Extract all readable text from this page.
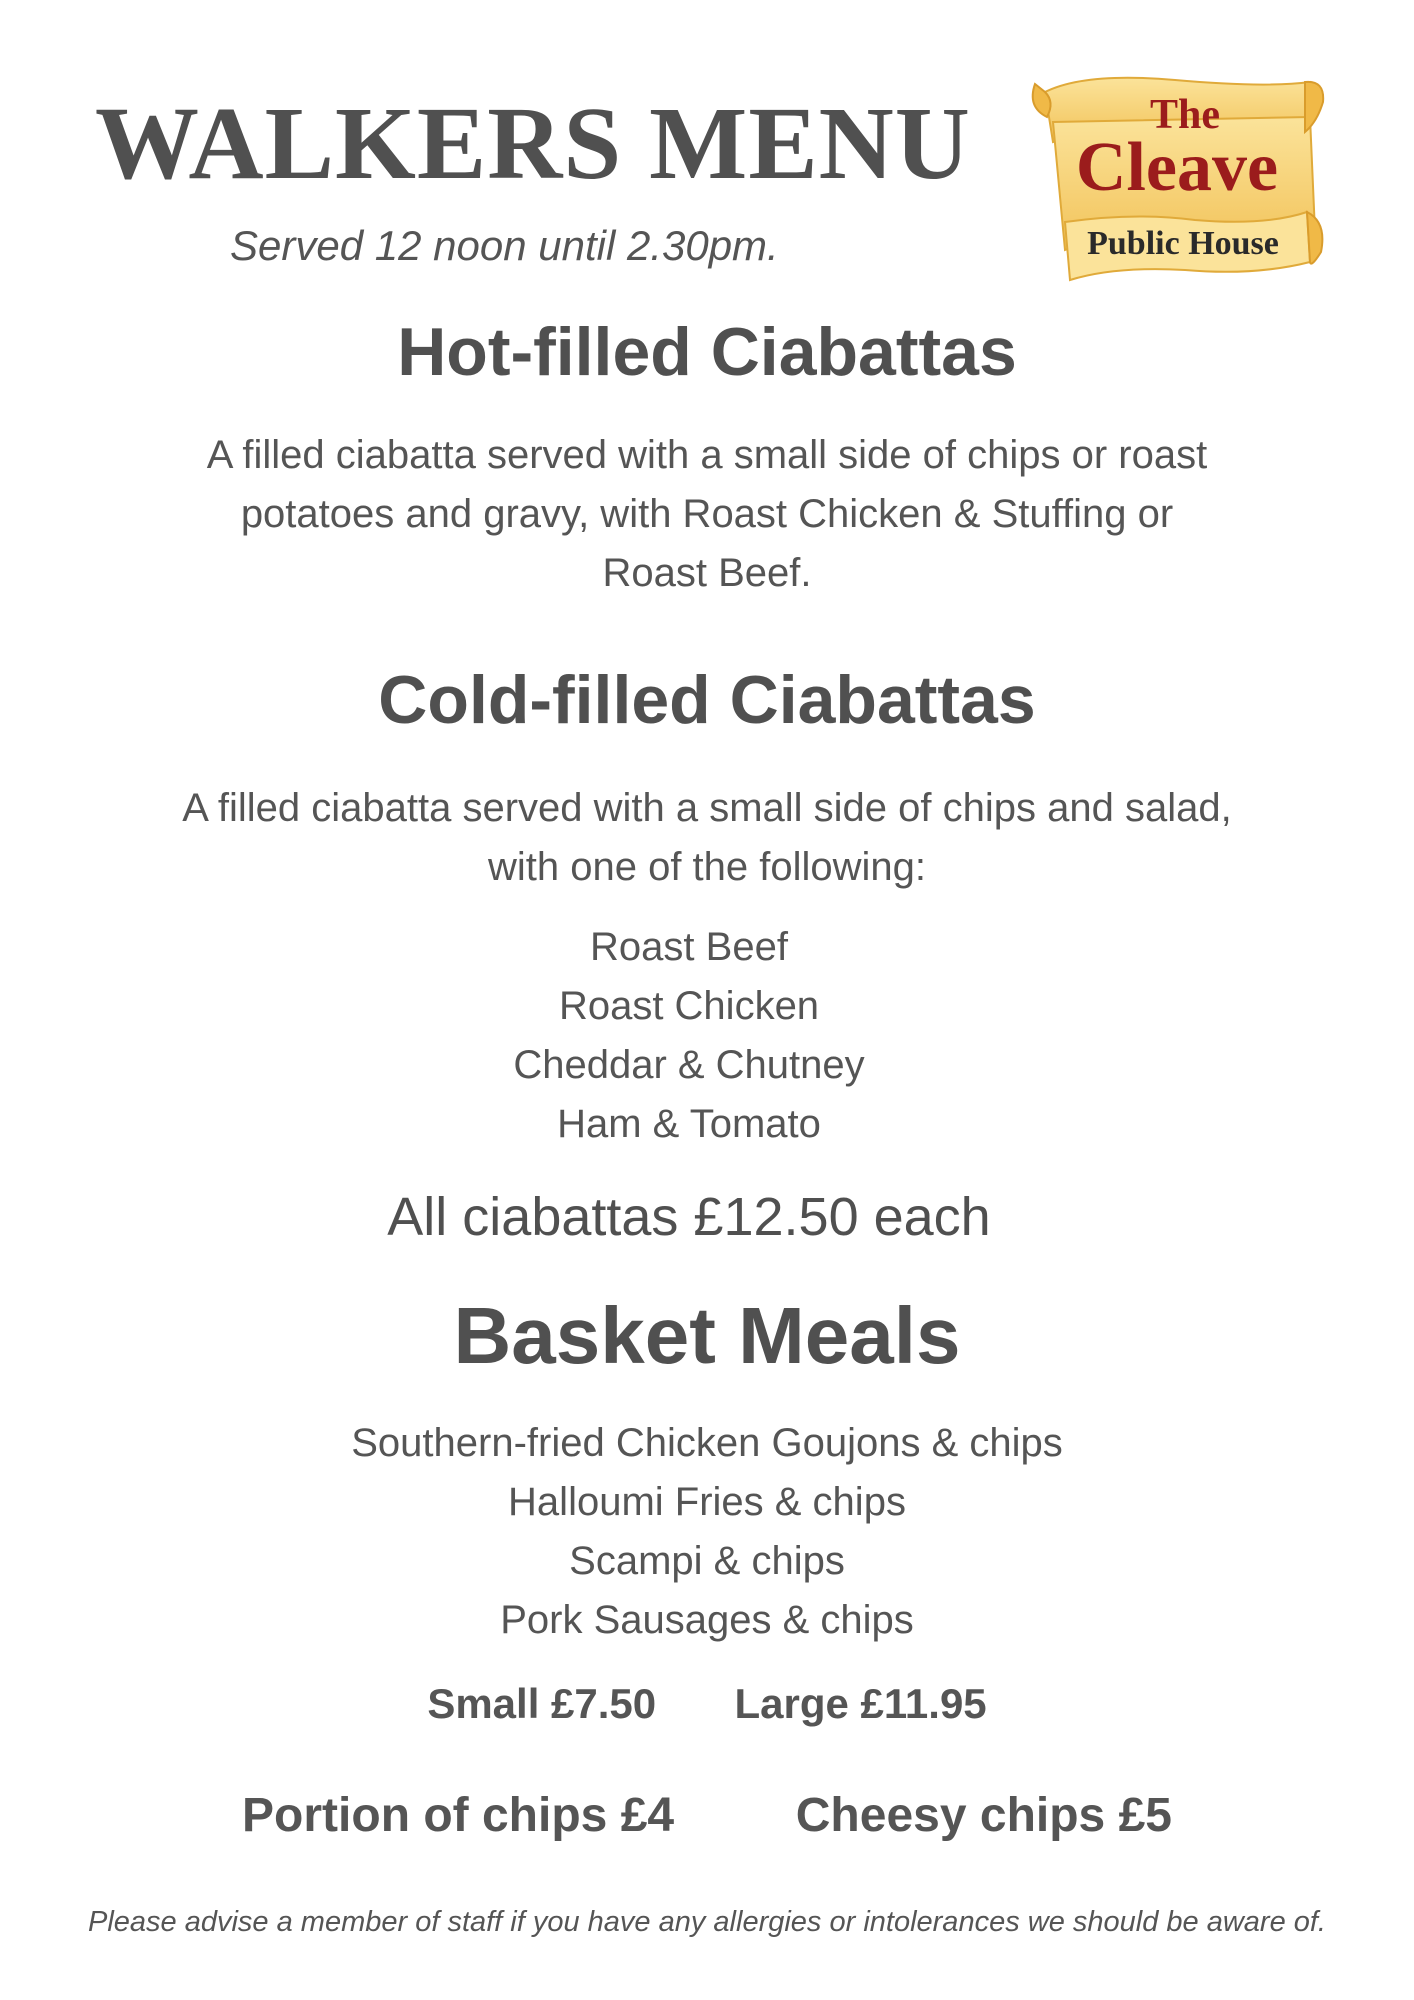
WALKERS MENU
Served 12 noon until 2.30pm.
The
Cleave
Public House
Hot-filled Ciabattas
A filled ciabatta served with a small side of chips or roast
potatoes and gravy, with Roast Chicken & Stuffing or
Roast Beef.
Cold-filled Ciabattas
A filled ciabatta served with a small side of chips and salad,
with one of the following:
Roast Beef
Roast Chicken
Cheddar & Chutney
Ham & Tomato
All ciabattas £12.50 each
Basket Meals
Southern-fried Chicken Goujons & chips
Halloumi Fries & chips
Scampi & chips
Pork Sausages & chips
Small £7.50 Large £11.95
Portion of chips £4	Cheesy chips £5
Please advise a member of staff if you have any allergies or intolerances we should be aware of.
